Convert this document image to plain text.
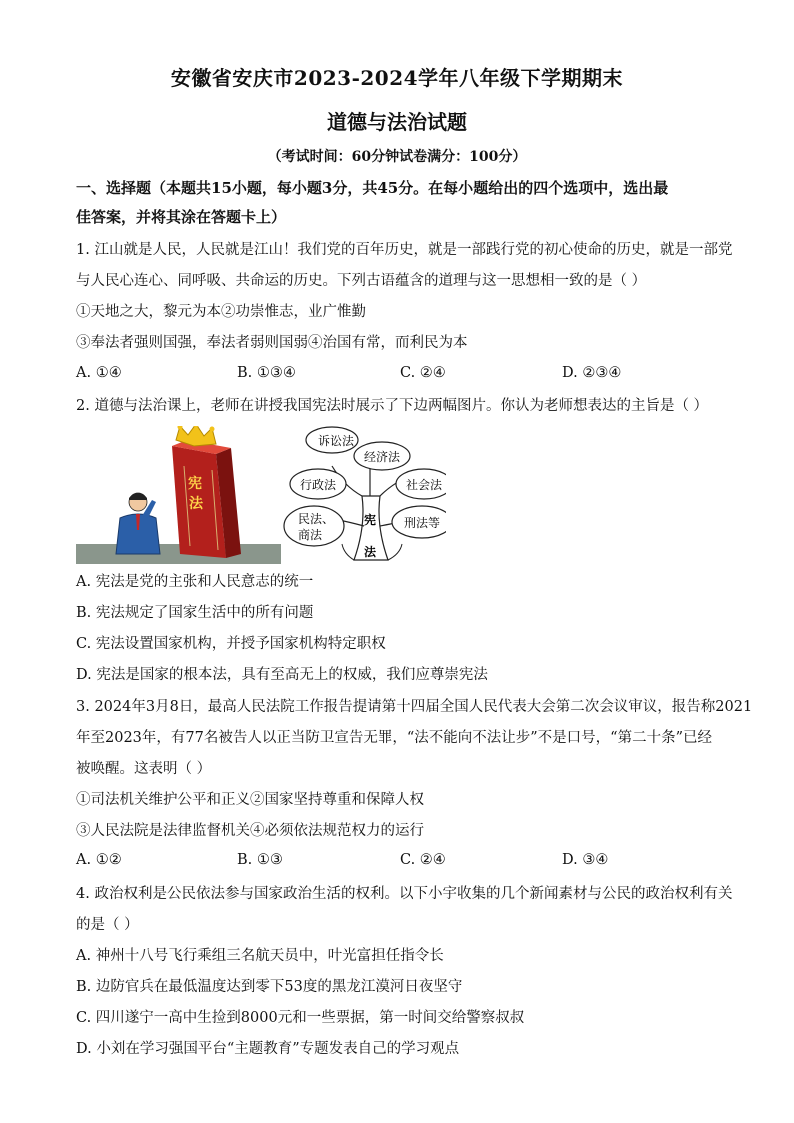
安徽省安庆市2023-2024学年八年级下学期期末
道德与法治试题
（考试时间：60分钟试卷满分：100分）
一、选择题（本题共15小题，每小题3分，共45分。在每小题给出的四个选项中，选出最
佳答案，并将其涂在答题卡上）
1. 江山就是人民，人民就是江山！我们党的百年历史，就是一部践行党的初心使命的历史，就是一部党
与人民心连心、同呼吸、共命运的历史。下列古语蕴含的道理与这一思想相一致的是（ ）
①天地之大，黎元为本②功崇惟志，业广惟勤
③奉法者强则国强，奉法者弱则国弱④治国有常，而利民为本
A. ①④	B. ①③④	C. ②④	D. ②③④
2. 道德与法治课上，老师在讲授我国宪法时展示了下边两幅图片。你认为老师想表达的主旨是（ ）
宪
法
诉讼法
经济法
行政法	社会法
民法、
商法
刑法等
宪
法
A. 宪法是党的主张和人民意志的统一
B. 宪法规定了国家生活中的所有问题
C. 宪法设置国家机构，并授予国家机构特定职权
D. 宪法是国家的根本法，具有至高无上的权威，我们应尊崇宪法
3. 2024年3月8日，最高人民法院工作报告提请第十四届全国人民代表大会第二次会议审议，报告称2021
年至2023年，有77名被告人以正当防卫宣告无罪，“法不能向不法让步”不是口号，“第二十条”已经
被唤醒。这表明（ ）
①司法机关维护公平和正义②国家坚持尊重和保障人权
③人民法院是法律监督机关④必须依法规范权力的运行
A. ①②	B. ①③	C. ②④	D. ③④
4. 政治权利是公民依法参与国家政治生活的权利。以下小宇收集的几个新闻素材与公民的政治权利有关
的是（ ）
A. 神州十八号飞行乘组三名航天员中，叶光富担任指令长
B. 边防官兵在最低温度达到零下53度的黑龙江漠河日夜坚守
C. 四川遂宁一高中生捡到8000元和一些票据，第一时间交给警察叔叔
D. 小刘在学习强国平台“主题教育”专题发表自己的学习观点
